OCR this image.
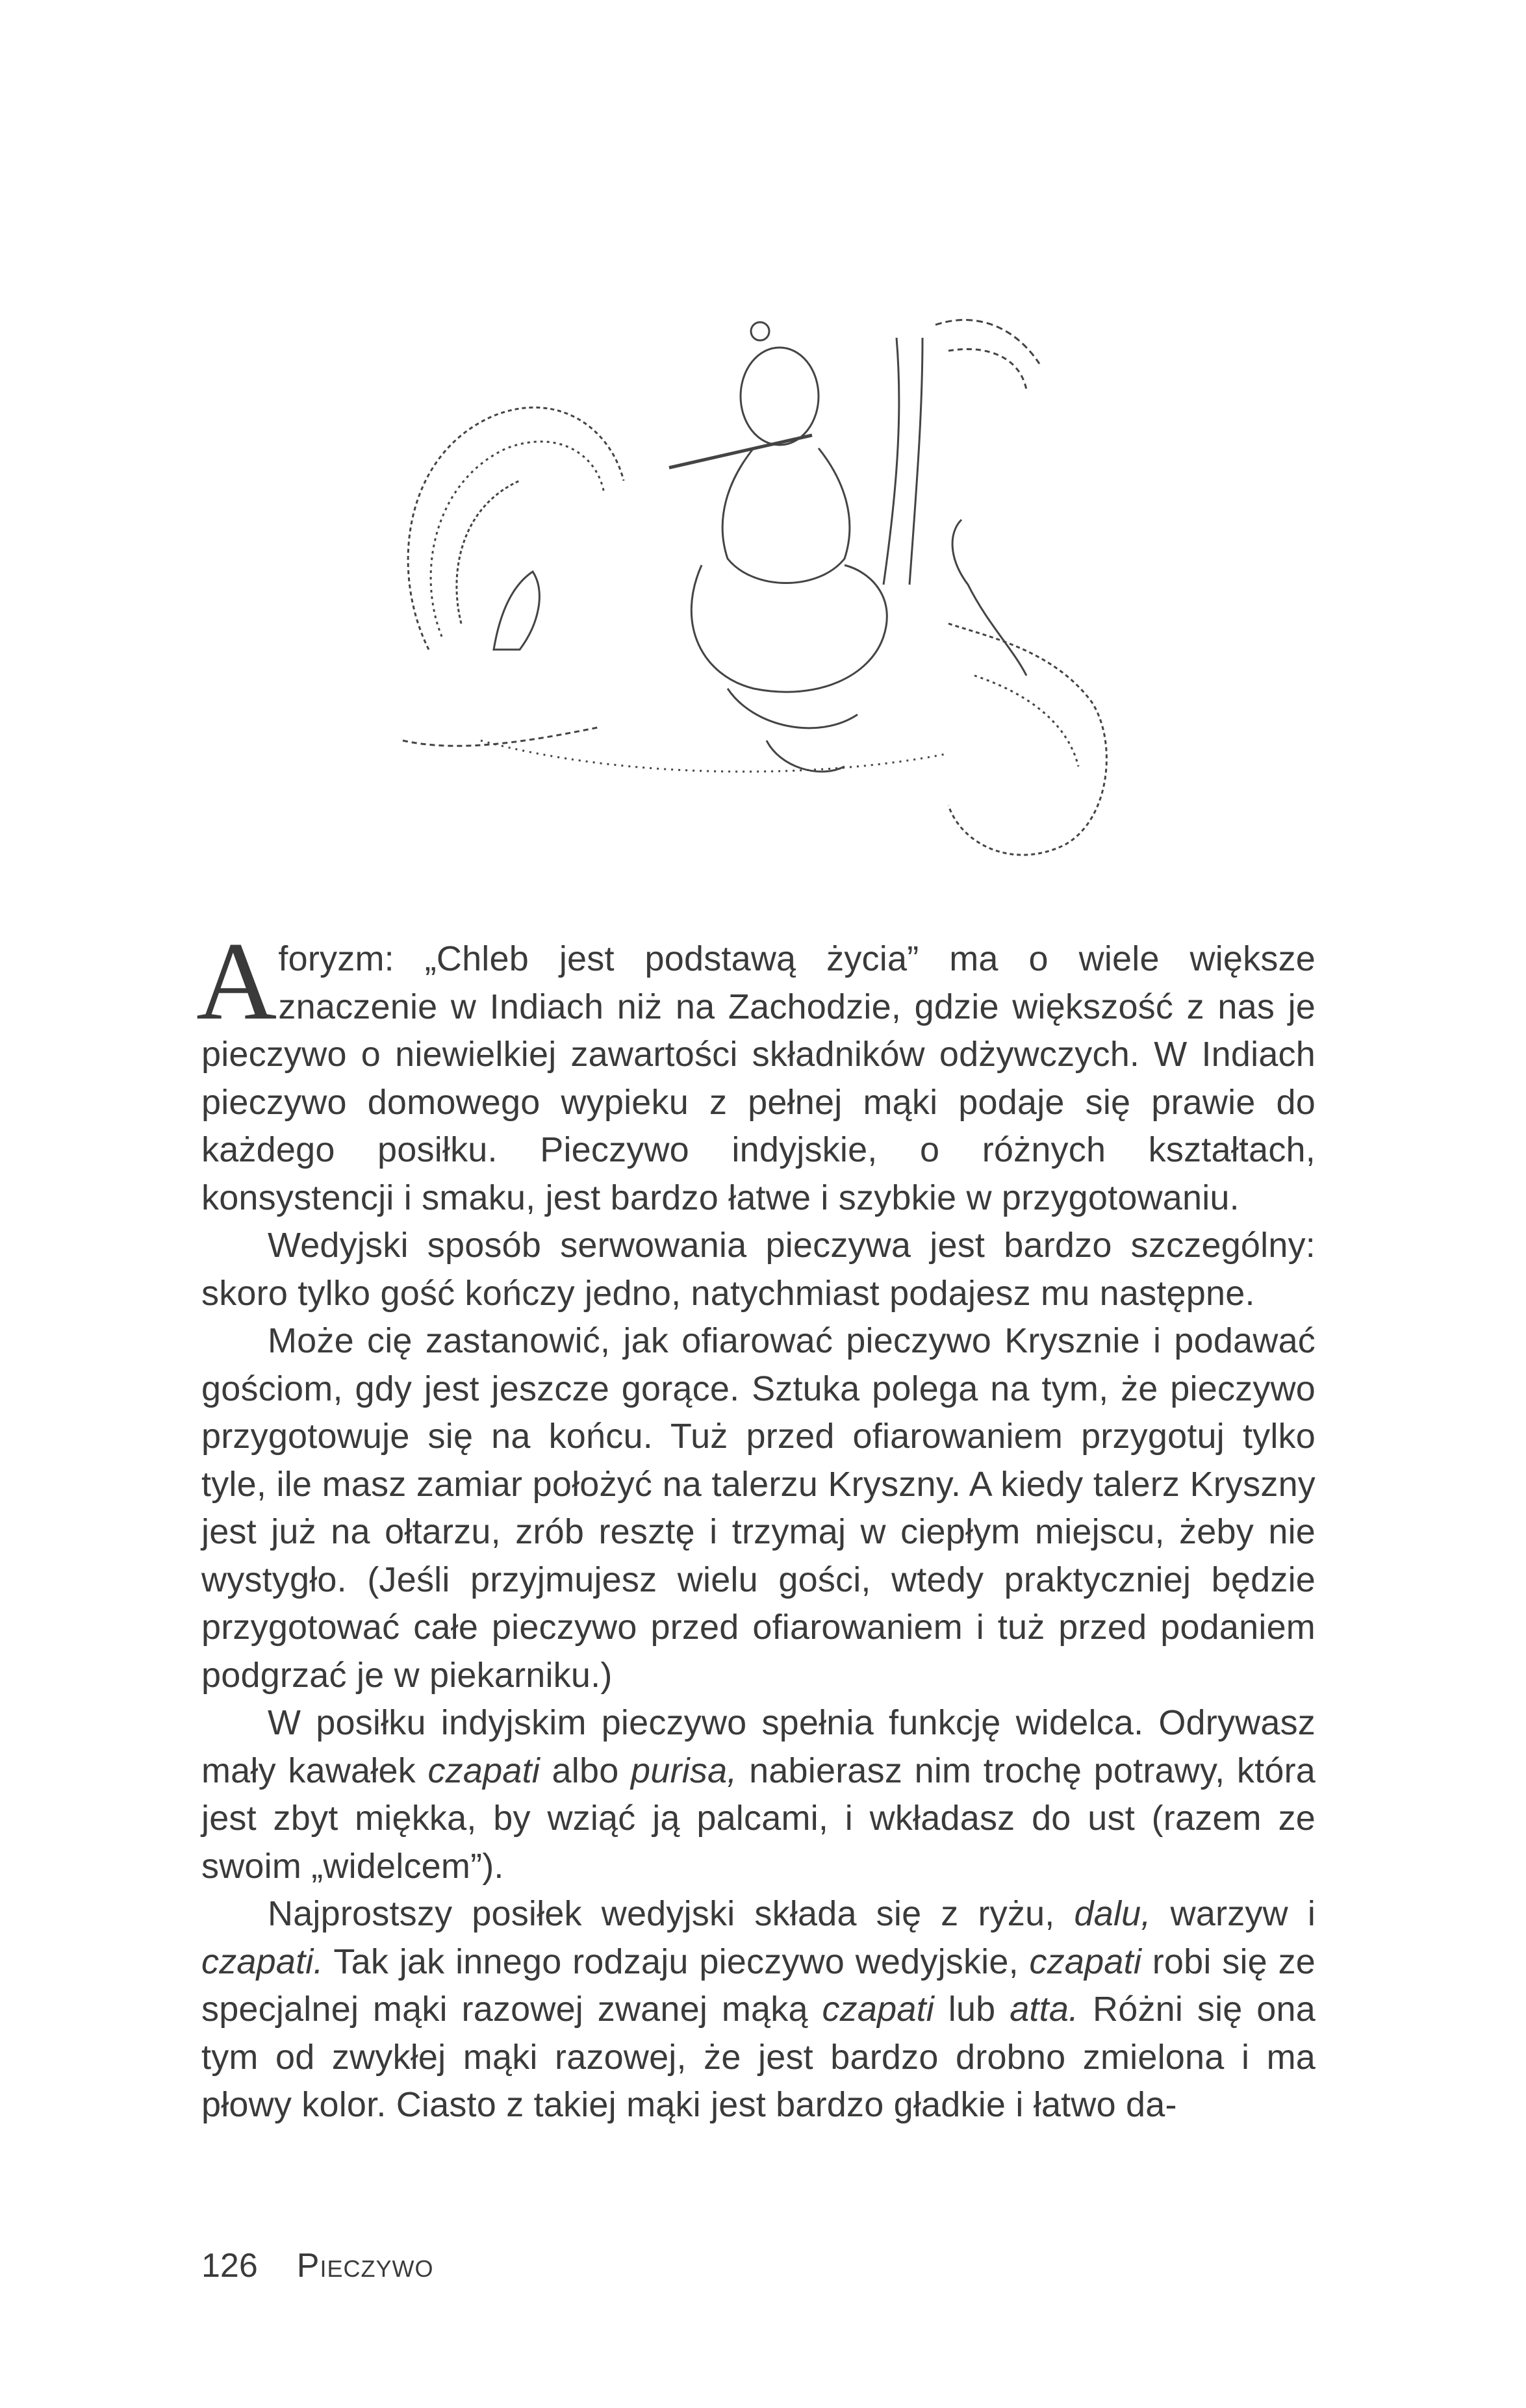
Aforyzm: „Chleb jest podstawą życia” ma o wiele większe znaczenie w Indiach niż na Zachodzie, gdzie większość z nas je pieczywo o niewielkiej zawartości składników odżywczych. W Indiach pieczywo domowego wypieku z pełnej mąki podaje się prawie do każdego posiłku. Pieczywo indyjskie, o różnych kształtach, konsystencji i smaku, jest bardzo łatwe i szybkie w przygotowaniu.

Wedyjski sposób serwowania pieczywa jest bardzo szczególny: skoro tylko gość kończy jedno, natychmiast podajesz mu następne.

Może cię zastanowić, jak ofiarować pieczywo Krysznie i podawać gościom, gdy jest jeszcze gorące. Sztuka polega na tym, że pieczywo przygotowuje się na końcu. Tuż przed ofiarowaniem przygotuj tylko tyle, ile masz zamiar położyć na talerzu Kryszny. A kiedy talerz Kryszny jest już na ołtarzu, zrób resztę i trzymaj w ciepłym miejscu, żeby nie wystygło. (Jeśli przyjmujesz wielu gości, wtedy praktyczniej będzie przygotować całe pieczywo przed ofiarowaniem i tuż przed podaniem podgrzać je w piekarniku.)

W posiłku indyjskim pieczywo spełnia funkcję widelca. Odrywasz mały kawałek czapati albo purisa, nabierasz nim trochę potrawy, która jest zbyt miękka, by wziąć ją palcami, i wkładasz do ust (razem ze swoim „widelcem”).

Najprostszy posiłek wedyjski składa się z ryżu, dalu, warzyw i czapati. Tak jak innego rodzaju pieczywo wedyjskie, czapati robi się ze specjalnej mąki razowej zwanej mąką czapati lub atta. Różni się ona tym od zwykłej mąki razowej, że jest bardzo drobno zmielona i ma płowy kolor. Ciasto z takiej mąki jest bardzo gładkie i łatwo da-

126 Pieczywo
